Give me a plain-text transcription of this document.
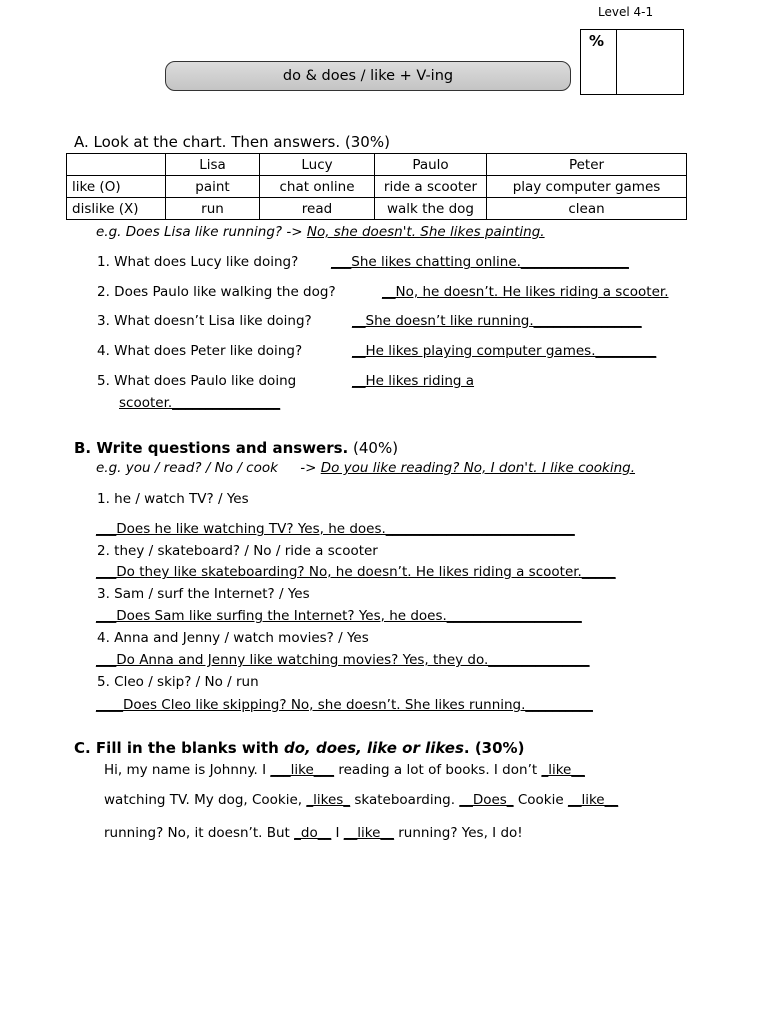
Level 4-1
%
do & does / like + V-ing
A. Look at the chart. Then answers. (30%)
	Lisa	Lucy	Paulo	Peter
like (O)	paint	chat online	ride a scooter	play computer games
dislike (X)	run	read	walk the dog	clean
e.g. Does Lisa like running? -> No, she doesn't. She likes painting.
1. What does Lucy like doing? ___She likes chatting online.________________
2. Does Paulo like walking the dog?	__No, he doesn’t. He likes riding a scooter.
3. What doesn’t Lisa like doing?	__She doesn’t like running.________________
4. What does Peter like doing?	__He likes playing computer games._________
5. What does Paulo like doing	__He likes riding a
scooter.________________
B. Write questions and answers. (40%)
e.g. you / read? / No / cook -> Do you like reading? No, I don't. I like cooking.
1. he / watch TV? / Yes
___Does he like watching TV? Yes, he does.____________________________
2. they / skateboard? / No / ride a scooter
___Do they like skateboarding? No, he doesn’t. He likes riding a scooter._____
3. Sam / surf the Internet? / Yes
___Does Sam like surfing the Internet? Yes, he does.____________________
4. Anna and Jenny / watch movies? / Yes
___Do Anna and Jenny like watching movies? Yes, they do._______________
5. Cleo / skip? / No / run
____Does Cleo like skipping? No, she doesn’t. She likes running.__________
C. Fill in the blanks with do, does, like or likes. (30%)
Hi, my name is Johnny. I ___like___ reading a lot of books. I don’t _like__
watching TV. My dog, Cookie, _likes_ skateboarding. __Does_ Cookie __like__
running? No, it doesn’t. But _do__ I __like__ running? Yes, I do!
